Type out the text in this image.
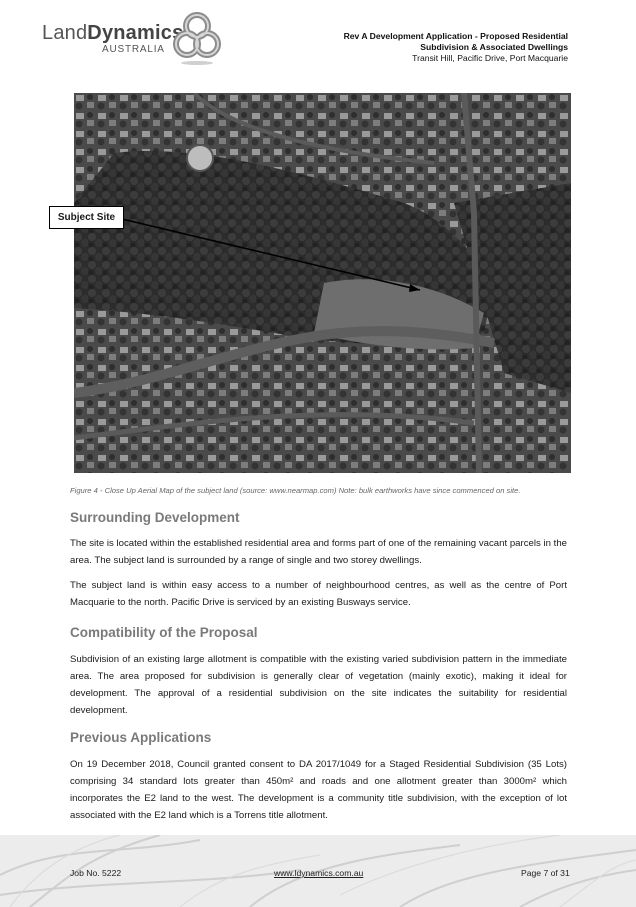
LandDynamics
AUSTRALIA
Rev A Development Application - Proposed Residential
Subdivision & Associated Dwellings
Transit Hill, Pacific Drive, Port Macquarie
Subject Site
Figure 4 - Close Up Aerial Map of the subject land (source: www.nearmap.com) Note: bulk earthworks have since commenced on site.
Surrounding Development
The site is located within the established residential area and forms part of one of the remaining vacant parcels in the area. The subject land is surrounded by a range of single and two storey dwellings.
The subject land is within easy access to a number of neighbourhood centres, as well as the centre of Port Macquarie to the north. Pacific Drive is serviced by an existing Busways service.
Compatibility of the Proposal
Subdivision of an existing large allotment is compatible with the existing varied subdivision pattern in the immediate area. The area proposed for subdivision is generally clear of vegetation (mainly exotic), making it ideal for development. The approval of a residential subdivision on the site indicates the suitability for residential development.
Previous Applications
On 19 December 2018, Council granted consent to DA 2017/1049 for a Staged Residential Subdivision (35 Lots) comprising 34 standard lots greater than 450m² and roads and one allotment greater than 3000m² which incorporates the E2 land to the west. The development is a community title subdivision, with the exception of lot associated with the E2 land which is a Torrens title allotment.
Job No. 5222	www.ldynamics.com.au	Page 7 of 31
